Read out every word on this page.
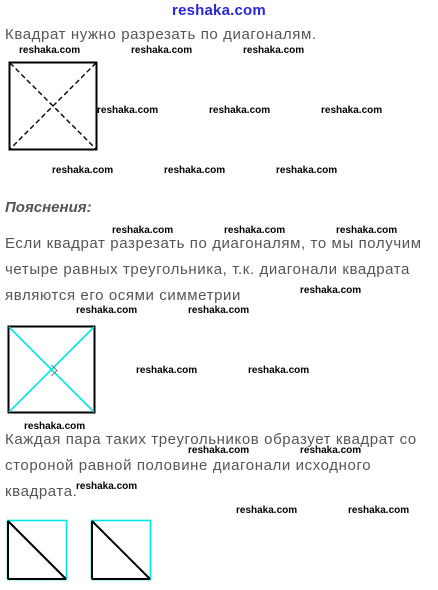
reshaka.com

Квадрат нужно разрезать по диагоналям.

Пояснения:

Если квадрат разрезать по диагоналям, то мы получим

четыре равных треугольника, т.к. диагонали квадрата

являются его осями симметрии

Каждая пара таких треугольников образует квадрат со

стороной равной половине диагонали исходного

квадрата.

reshaka.com	reshaka.com	reshaka.com
reshaka.com	reshaka.com	reshaka.com
reshaka.com	reshaka.com	reshaka.com
reshaka.com	reshaka.com	reshaka.com
reshaka.com
reshaka.com	reshaka.com
reshaka.com	reshaka.com
reshaka.com
reshaka.com	reshaka.com
reshaka.com
reshaka.com	reshaka.com
